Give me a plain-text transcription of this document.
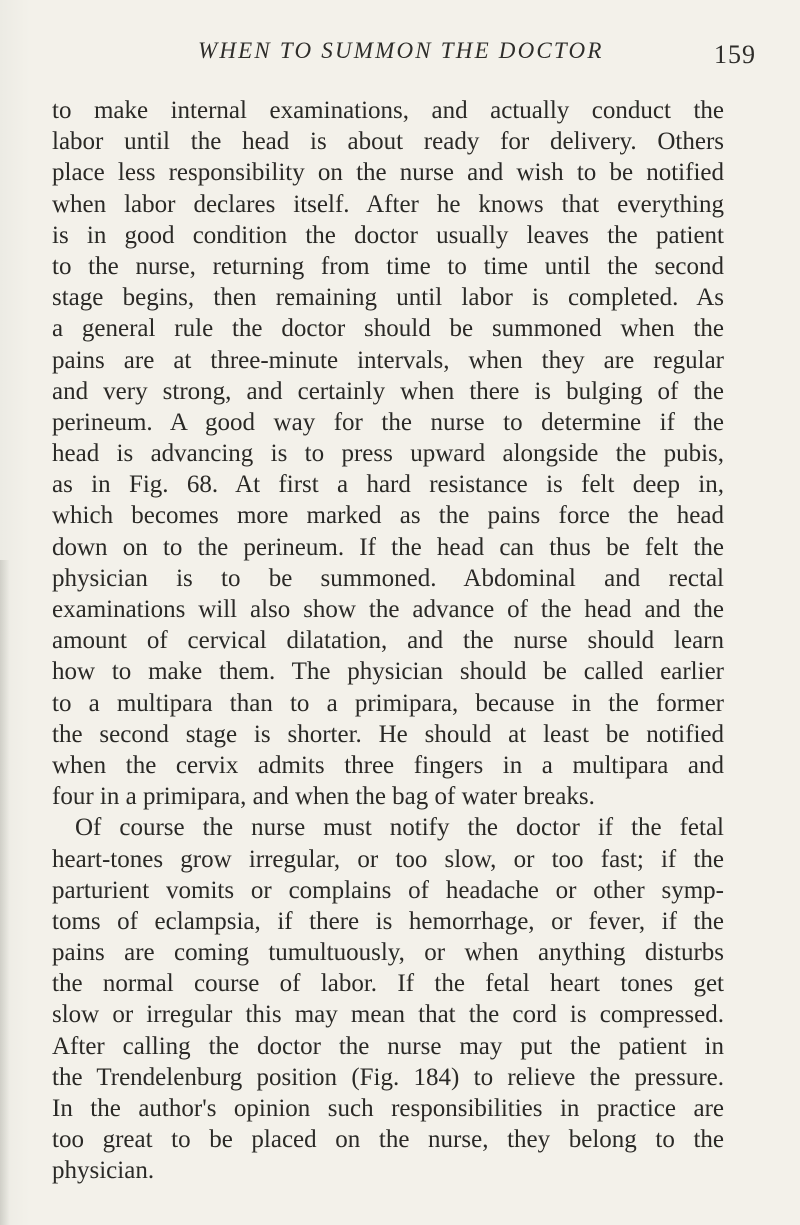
WHEN TO SUMMON THE DOCTOR	159
to make internal examinations, and actually conduct the
labor until the head is about ready for delivery. Others
place less responsibility on the nurse and wish to be notified
when labor declares itself. After he knows that everything
is in good condition the doctor usually leaves the patient
to the nurse, returning from time to time until the second
stage begins, then remaining until labor is completed. As
a general rule the doctor should be summoned when the
pains are at three-minute intervals, when they are regular
and very strong, and certainly when there is bulging of the
perineum. A good way for the nurse to determine if the
head is advancing is to press upward alongside the pubis,
as in Fig. 68. At first a hard resistance is felt deep in,
which becomes more marked as the pains force the head
down on to the perineum. If the head can thus be felt the
physician is to be summoned. Abdominal and rectal
examinations will also show the advance of the head and the
amount of cervical dilatation, and the nurse should learn
how to make them. The physician should be called earlier
to a multipara than to a primipara, because in the former
the second stage is shorter. He should at least be notified
when the cervix admits three fingers in a multipara and
four in a primipara, and when the bag of water breaks.
Of course the nurse must notify the doctor if the fetal
heart-tones grow irregular, or too slow, or too fast; if the
parturient vomits or complains of headache or other symp-
toms of eclampsia, if there is hemorrhage, or fever, if the
pains are coming tumultuously, or when anything disturbs
the normal course of labor. If the fetal heart tones get
slow or irregular this may mean that the cord is compressed.
After calling the doctor the nurse may put the patient in
the Trendelenburg position (Fig. 184) to relieve the pressure.
In the author's opinion such responsibilities in practice are
too great to be placed on the nurse, they belong to the
physician.
